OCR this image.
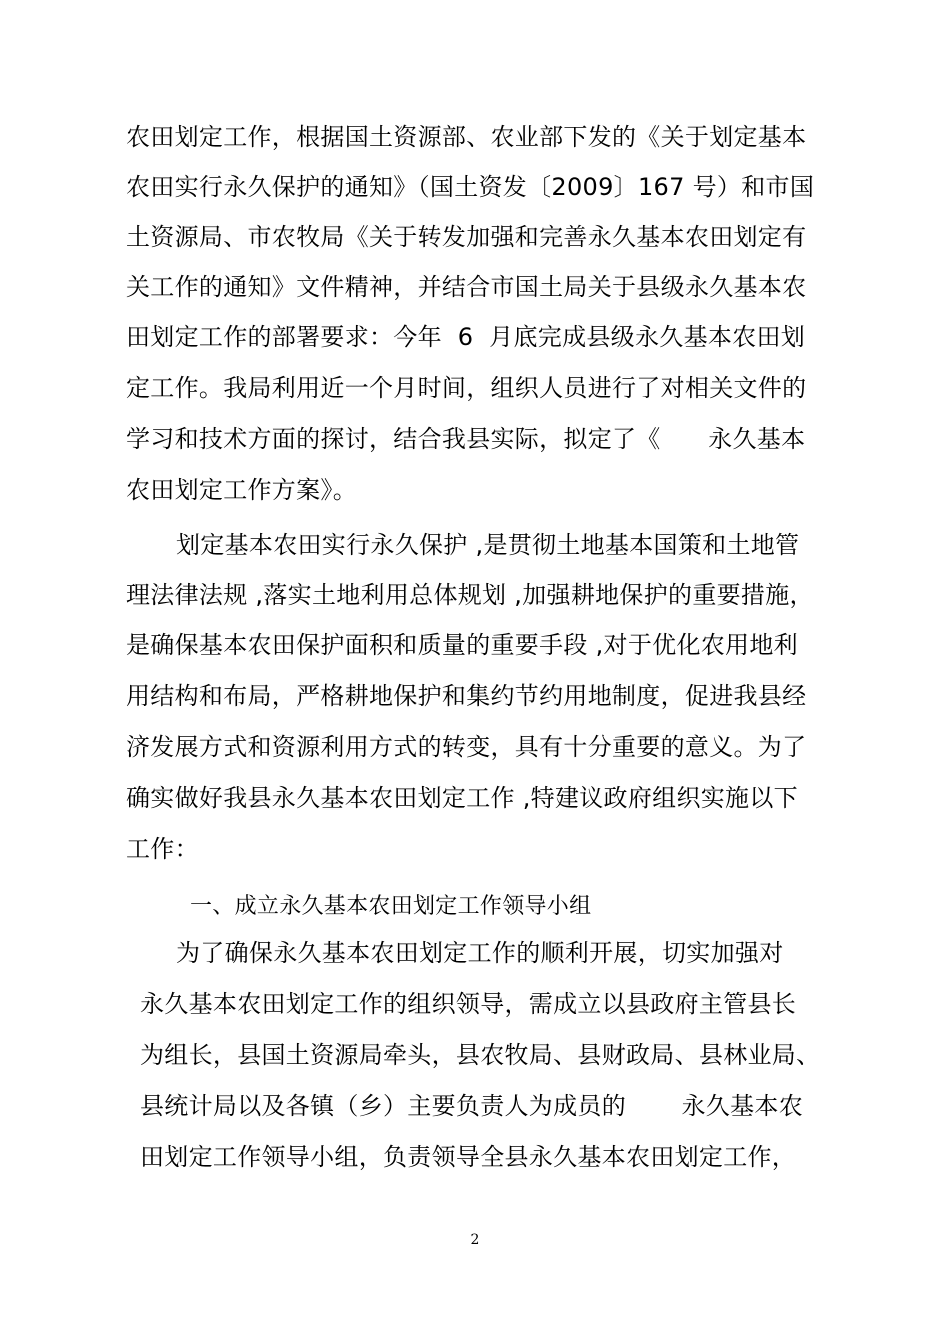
农田划定工作，根据国土资源部、农业部下发的《关于划定基本
农田实行永久保护的通知》（国土资发〔2009〕167 号）和市国
土资源局、市农牧局《关于转发加强和完善永久基本农田划定有
关工作的通知》文件精神，并结合市国土局关于县级永久基本农
田划定工作的部署要求：今年  6  月底完成县级永久基本农田划
定工作。我局利用近一个月时间，组织人员进行了对相关文件的
学习和技术方面的探讨，结合我县实际，拟定了《      永久基本
农田划定工作方案》。
划定基本农田实行永久保护 ,是贯彻土地基本国策和土地管
理法律法规 ,落实土地利用总体规划 ,加强耕地保护的重要措施，
是确保基本农田保护面积和质量的重要手段 ,对于优化农用地利
用结构和布局，严格耕地保护和集约节约用地制度，促进我县经
济发展方式和资源利用方式的转变，具有十分重要的意义。为了
确实做好我县永久基本农田划定工作 ,特建议政府组织实施以下
工作：
一、成立永久基本农田划定工作领导小组
为了确保永久基本农田划定工作的顺利开展，切实加强对
永久基本农田划定工作的组织领导，需成立以县政府主管县长
为组长，县国土资源局牵头，县农牧局、县财政局、县林业局、
县统计局以及各镇（乡）主要负责人为成员的       永久基本农
田划定工作领导小组，负责领导全县永久基本农田划定工作，
2
